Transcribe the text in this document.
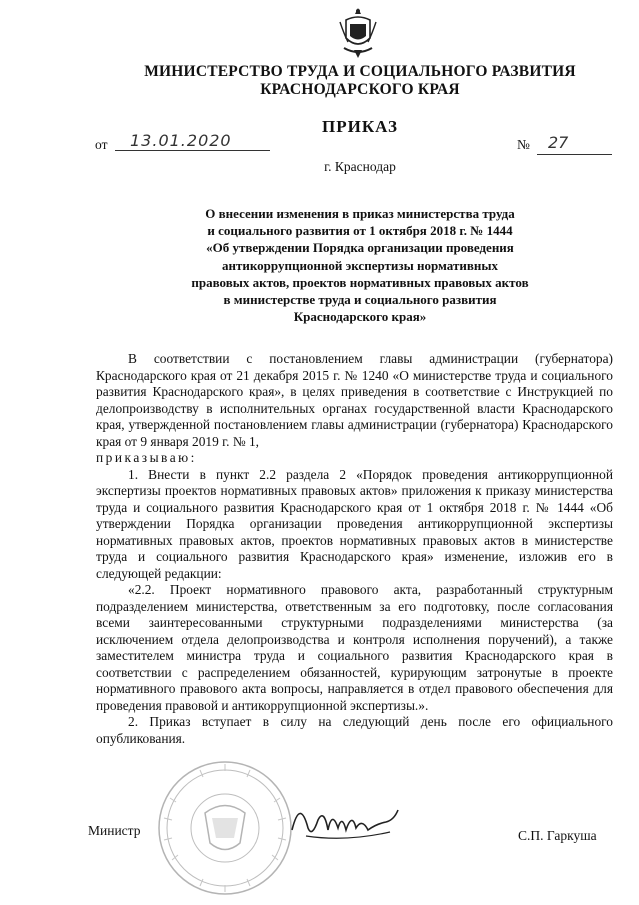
МИНИСТЕРСТВО ТРУДА И СОЦИАЛЬНОГО РАЗВИТИЯ
КРАСНОДАРСКОГО КРАЯ
ПРИКАЗ
от 13.01.2020	№ 27
г. Краснодар
О внесении изменения в приказ министерства труда
и социального развития от 1 октября 2018 г. № 1444
«Об утверждении Порядка организации проведения
антикоррупционной экспертизы нормативных
правовых актов, проектов нормативных правовых актов
в министерстве труда и социального развития
Краснодарского края»

В соответствии с постановлением главы администрации (губернатора) Краснодарского края от 21 декабря 2015 г. № 1240 «О министерстве труда и социального развития Краснодарского края», в целях приведения в соответствие с Инструкцией по делопроизводству в исполнительных органах государственной власти Краснодарского края, утвержденной постановлением главы администрации (губернатора) Краснодарского края от 9 января 2019 г. № 1,

приказываю:

1. Внести в пункт 2.2 раздела 2 «Порядок проведения антикоррупционной экспертизы проектов нормативных правовых актов» приложения к приказу министерства труда и социального развития Краснодарского края от 1 октября 2018 г. № 1444 «Об утверждении Порядка организации проведения антикоррупционной экспертизы нормативных правовых актов, проектов нормативных правовых актов в министерстве труда и социального развития Краснодарского края» изменение, изложив его в следующей редакции:

«2.2. Проект нормативного правового акта, разработанный структурным подразделением министерства, ответственным за его подготовку, после согласования всеми заинтересованными структурными подразделениями министерства (за исключением отдела делопроизводства и контроля исполнения поручений), а также заместителем министра труда и социального развития Краснодарского края в соответствии с распределением обязанностей, курирующим затронутые в проекте нормативного правового акта вопросы, направляется в отдел правового обеспечения для проведения правовой и антикоррупционной экспертизы.».

2. Приказ вступает в силу на следующий день после его официального опубликования.

Министр	С.П. Гаркуша
